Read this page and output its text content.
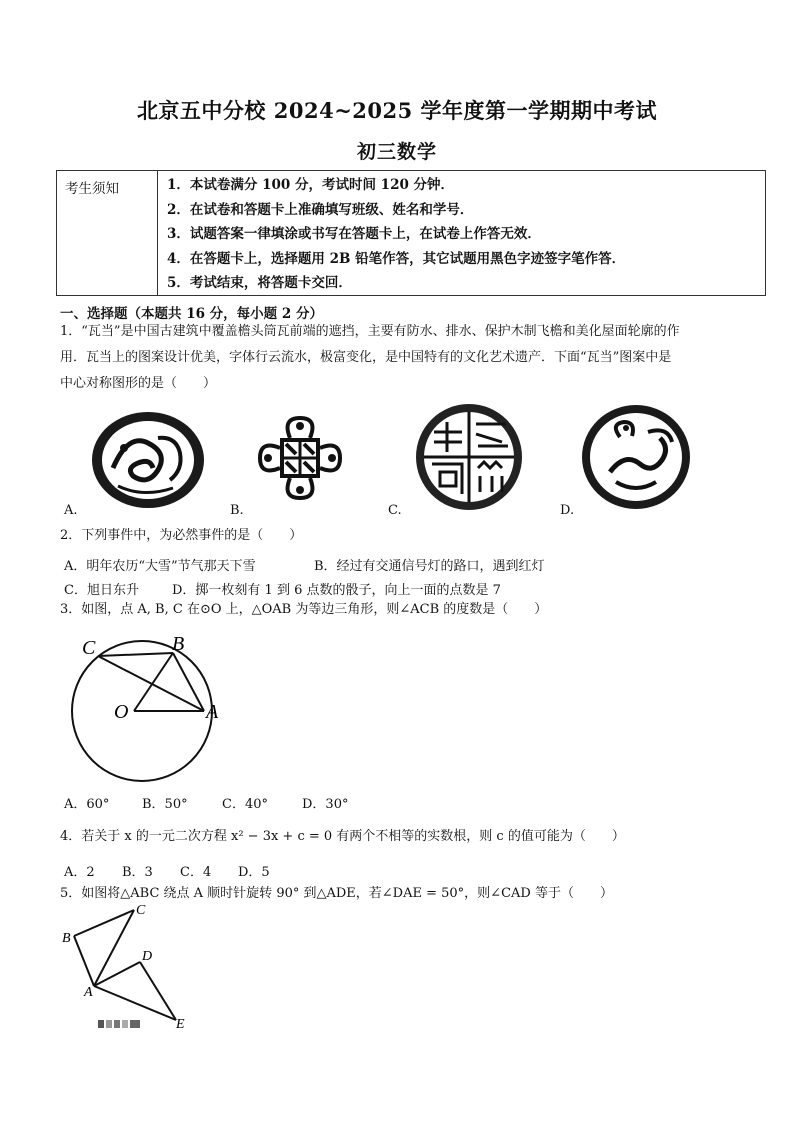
北京五中分校 2024~2025 学年度第一学期期中考试
初三数学
考生须知	1．本试卷满分 100 分，考试时间 120 分钟．
2．在试卷和答题卡上准确填写班级、姓名和学号．
3．试题答案一律填涂或书写在答题卡上，在试卷上作答无效．
4．在答题卡上，选择题用 2B 铅笔作答，其它试题用黑色字迹签字笔作答．
5．考试结束，将答题卡交回．
一、选择题（本题共 16 分，每小题 2 分）
1．“瓦当”是中国古建筑中覆盖檐头筒瓦前端的遮挡，主要有防水、排水、保护木制飞檐和美化屋面轮廓的作
用．瓦当上的图案设计优美，字体行云流水，极富变化，是中国特有的文化艺术遗产．下面“瓦当”图案中是
中心对称图形的是（　　）
A.	B.	C.	D.
2．下列事件中，为必然事件的是（　　）
A．明年农历“大雪”节气那天下雪	B．经过有交通信号灯的路口，遇到红灯
C．旭日东升	D．掷一枚刻有 1 到 6 点数的骰子，向上一面的点数是 7
3．如图，点 A, B, C 在⊙O 上，△OAB 为等边三角形，则∠ACB 的度数是（　　）
C	B
O	A
A．60°	B．50°	C．40°	D．30°
4．若关于 x 的一元二次方程 x² − 3x + c = 0 有两个不相等的实数根，则 c 的值可能为（　　）
A．2 B．3 C．4 D．5
5．如图将△ABC 绕点 A 顺时针旋转 90° 到△ADE，若∠DAE = 50°，则∠CAD 等于（　　）
C
B
D
A
E
